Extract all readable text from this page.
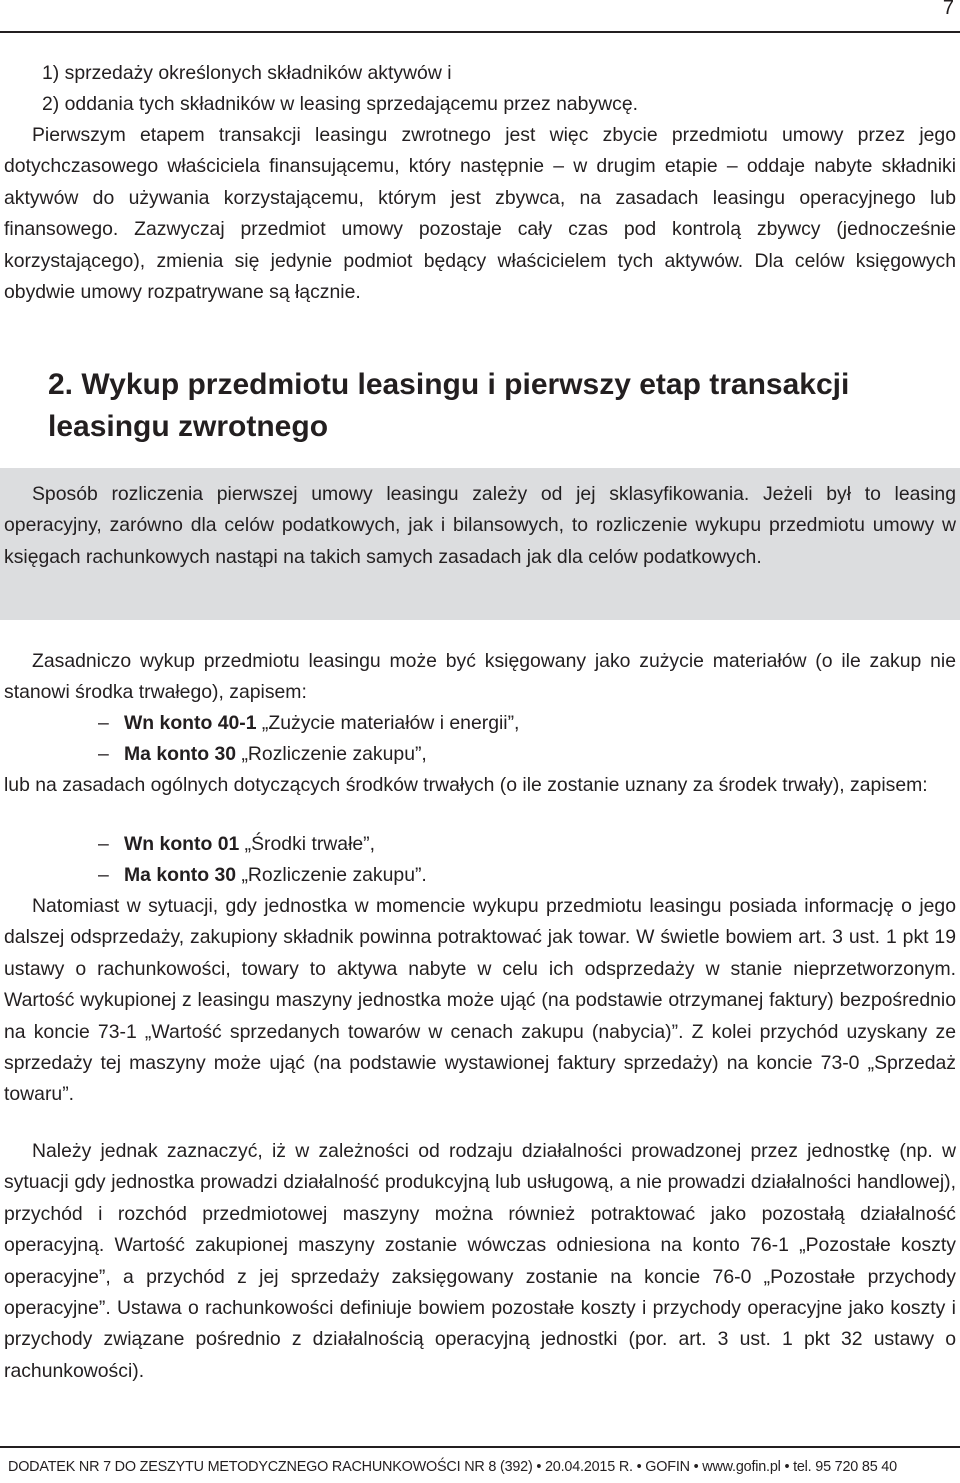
7

1) sprzedaży określonych składników aktywów i

2) oddania tych składników w leasing sprzedającemu przez nabywcę.

Pierwszym etapem transakcji leasingu zwrotnego jest więc zbycie przedmiotu umowy przez jego dotychczasowego właściciela finansującemu, który następnie – w drugim etapie – oddaje nabyte składniki aktywów do używania korzystającemu, którym jest zbywca, na zasadach leasingu operacyjnego lub finansowego. Zazwyczaj przedmiot umowy pozostaje cały czas pod kontrolą zbywcy (jednocześnie korzystającego), zmienia się jedynie podmiot będący właścicielem tych aktywów. Dla celów księgowych obydwie umowy rozpatrywane są łącznie.

2. Wykup przedmiotu leasingu i pierwszy etap transakcji
leasingu zwrotnego

Sposób rozliczenia pierwszej umowy leasingu zależy od jej sklasyfikowania. Jeżeli był to leasing operacyjny, zarówno dla celów podatkowych, jak i bilansowych, to rozliczenie wykupu przedmiotu umowy w księgach rachunkowych nastąpi na takich samych zasadach jak dla celów podatkowych.

Zasadniczo wykup przedmiotu leasingu może być księgowany jako zużycie materiałów (o ile zakup nie stanowi środka trwałego), zapisem:

– Wn konto 40-1 „Zużycie materiałów i energii”,

– Ma konto 30 „Rozliczenie zakupu”,

lub na zasadach ogólnych dotyczących środków trwałych (o ile zostanie uznany za środek trwały), zapisem:

– Wn konto 01 „Środki trwałe”,

– Ma konto 30 „Rozliczenie zakupu”.

Natomiast w sytuacji, gdy jednostka w momencie wykupu przedmiotu leasingu posiada informację o jego dalszej odsprzedaży, zakupiony składnik powinna potraktować jak towar. W świetle bowiem art. 3 ust. 1 pkt 19 ustawy o rachunkowości, towary to aktywa nabyte w celu ich odsprzedaży w stanie nieprzetworzonym. Wartość wykupionej z leasingu maszyny jednostka może ująć (na podstawie otrzymanej faktury) bezpośrednio na koncie 73-1 „Wartość sprzedanych towarów w cenach zakupu (nabycia)”. Z kolei przychód uzyskany ze sprzedaży tej maszyny może ująć (na podstawie wystawionej faktury sprzedaży) na koncie 73-0 „Sprzedaż towaru”.

Należy jednak zaznaczyć, iż w zależności od rodzaju działalności prowadzonej przez jednostkę (np. w sytuacji gdy jednostka prowadzi działalność produkcyjną lub usługową, a nie prowadzi działalności handlowej), przychód i rozchód przedmiotowej maszyny można również potraktować jako pozostałą działalność operacyjną. Wartość zakupionej maszyny zostanie wówczas odniesiona na konto 76-1 „Pozostałe koszty operacyjne”, a przychód z jej sprzedaży zaksięgowany zostanie na koncie 76-0 „Pozostałe przychody operacyjne”. Ustawa o rachunkowości definiuje bowiem pozostałe koszty i przychody operacyjne jako koszty i przychody związane pośrednio z działalnością operacyjną jednostki (por. art. 3 ust. 1 pkt 32 ustawy o rachunkowości).

DODATEK NR 7 DO ZESZYTU METODYCZNEGO RACHUNKOWOŚCI NR 8 (392) • 20.04.2015 R. • GOFIN • www.gofin.pl • tel. 95 720 85 40
